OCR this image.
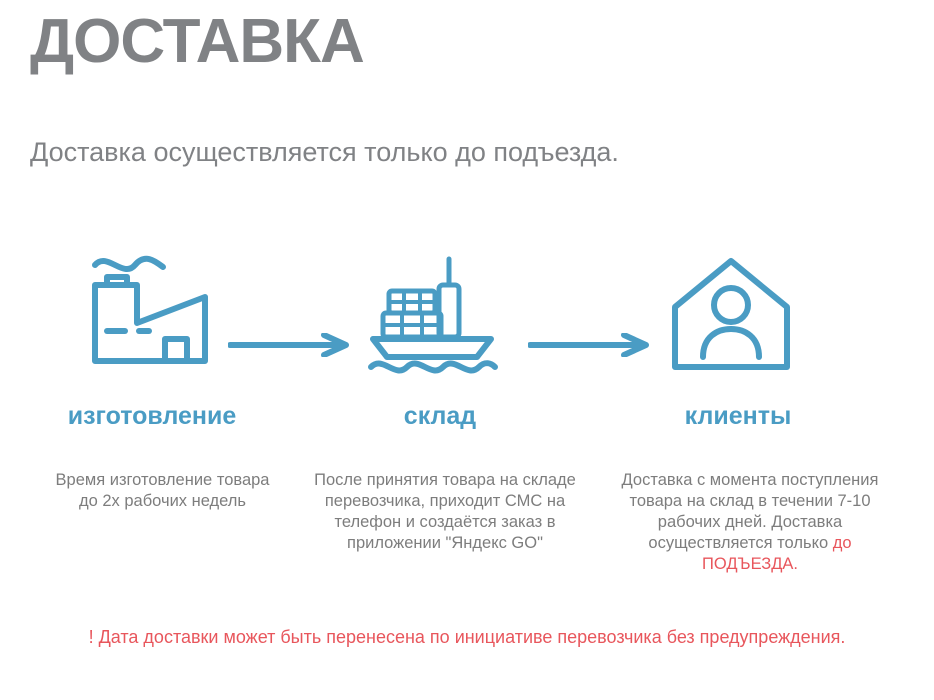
ДОСТАВКА
Доставка осуществляется только до подъезда.
изготовление	склад	клиенты
Время изготовление товара до 2х рабочих недель
После принятия товара на складе перевозчика, приходит СМС на телефон и создаётся заказ в приложении "Яндекс GO"
Доставка с момента поступления товара на склад в течении 7-10 рабочих дней. Доставка осуществляется только до ПОДЪЕЗДА.
! Дата доставки может быть перенесена по инициативе перевозчика без предупреждения.
